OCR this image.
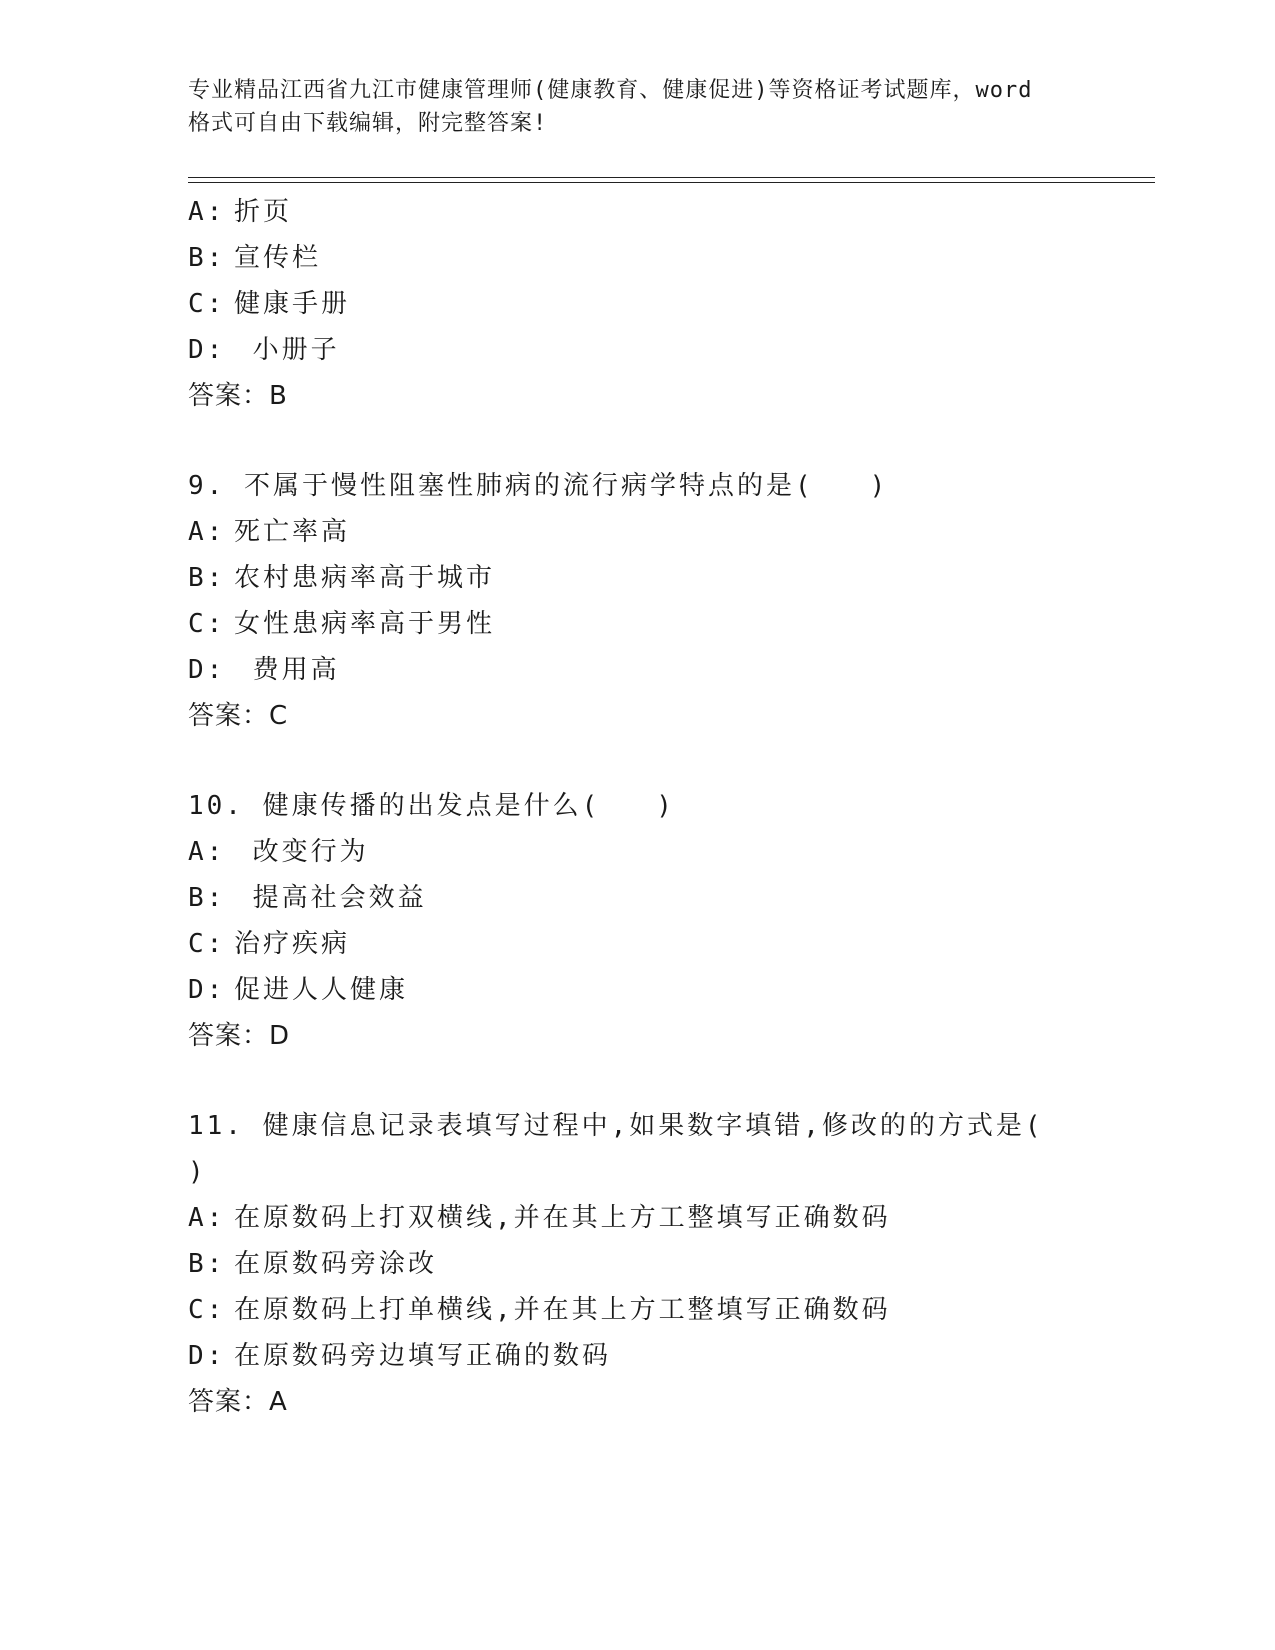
专业精品江西省九江市健康管理师(健康教育、健康促进)等资格证考试题库，word
格式可自由下载编辑，附完整答案!
A: 折页
B: 宣传栏
C: 健康手册
D: 小册子
答案：B
9. 不属于慢性阻塞性肺病的流行病学特点的是(   )
A: 死亡率高
B: 农村患病率高于城市
C: 女性患病率高于男性
D: 费用高
答案：C
10. 健康传播的出发点是什么(   )
A: 改变行为
B: 提高社会效益
C: 治疗疾病
D: 促进人人健康
答案：D
11. 健康信息记录表填写过程中,如果数字填错,修改的的方式是(
)
A: 在原数码上打双横线,并在其上方工整填写正确数码
B: 在原数码旁涂改
C: 在原数码上打单横线,并在其上方工整填写正确数码
D: 在原数码旁边填写正确的数码
答案：A
